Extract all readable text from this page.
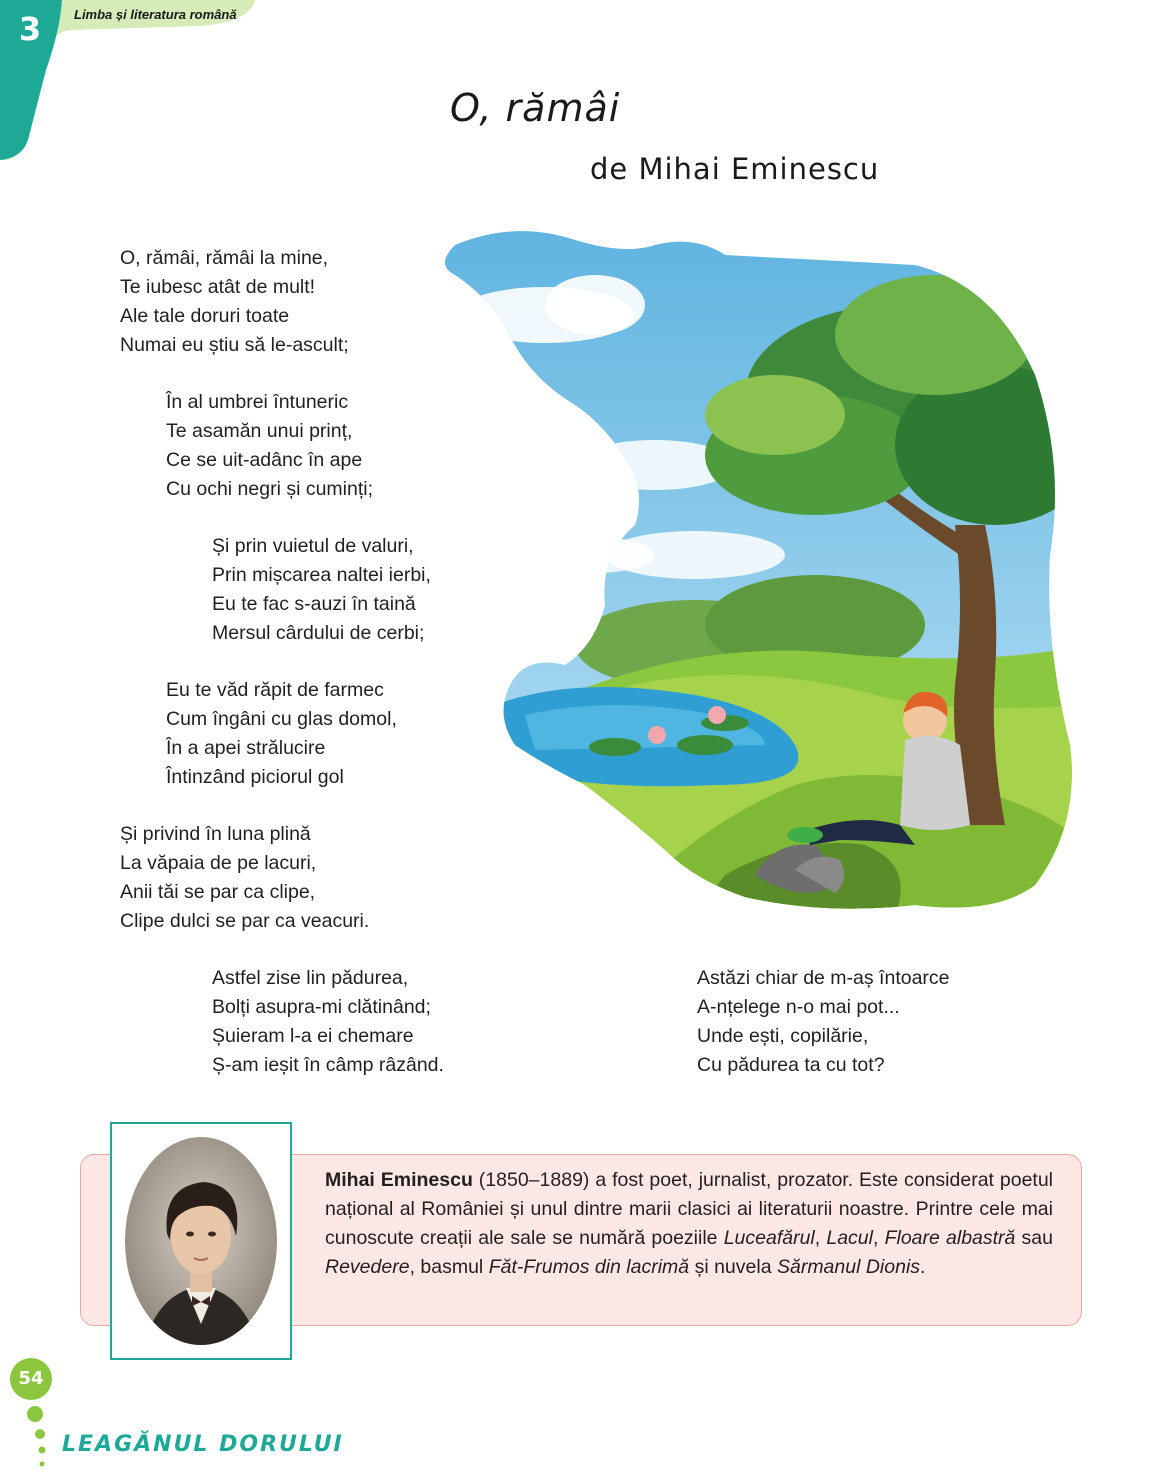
3	Limba și literatura română
O, rămâi
de Mihai Eminescu
O, rămâi, rămâi la mine,
Te iubesc atât de mult!
Ale tale doruri toate
Numai eu știu să le-ascult;
În al umbrei întuneric
Te asamăn unui prinț,
Ce se uit-adânc în ape
Cu ochi negri și cuminți;
Și prin vuietul de valuri,
Prin mișcarea naltei ierbi,
Eu te fac s-auzi în taină
Mersul cârdului de cerbi;
Eu te văd răpit de farmec
Cum îngâni cu glas domol,
În a apei strălucire
Întinzând piciorul gol
Și privind în luna plină
La văpaia de pe lacuri,
Anii tăi se par ca clipe,
Clipe dulci se par ca veacuri.
Astfel zise lin pădurea,
Bolți asupra-mi clătinând;
Șuieram l-a ei chemare
Ș-am ieșit în câmp râzând.
Astăzi chiar de m-aș întoarce
A-nțelege n-o mai pot...
Unde ești, copilărie,
Cu pădurea ta cu tot?
Mihai Eminescu (1850–1889) a fost poet, jurnalist, prozator. Este considerat poetul național al României și unul dintre marii clasici ai literaturii noastre. Printre cele mai cunoscute creații ale sale se numără poeziile Luceafărul, Lacul, Floare albastră sau Revedere, basmul Făt-Frumos din lacrimă și nuvela Sărmanul Dionis.
54
LEAGĂNUL DORULUI
